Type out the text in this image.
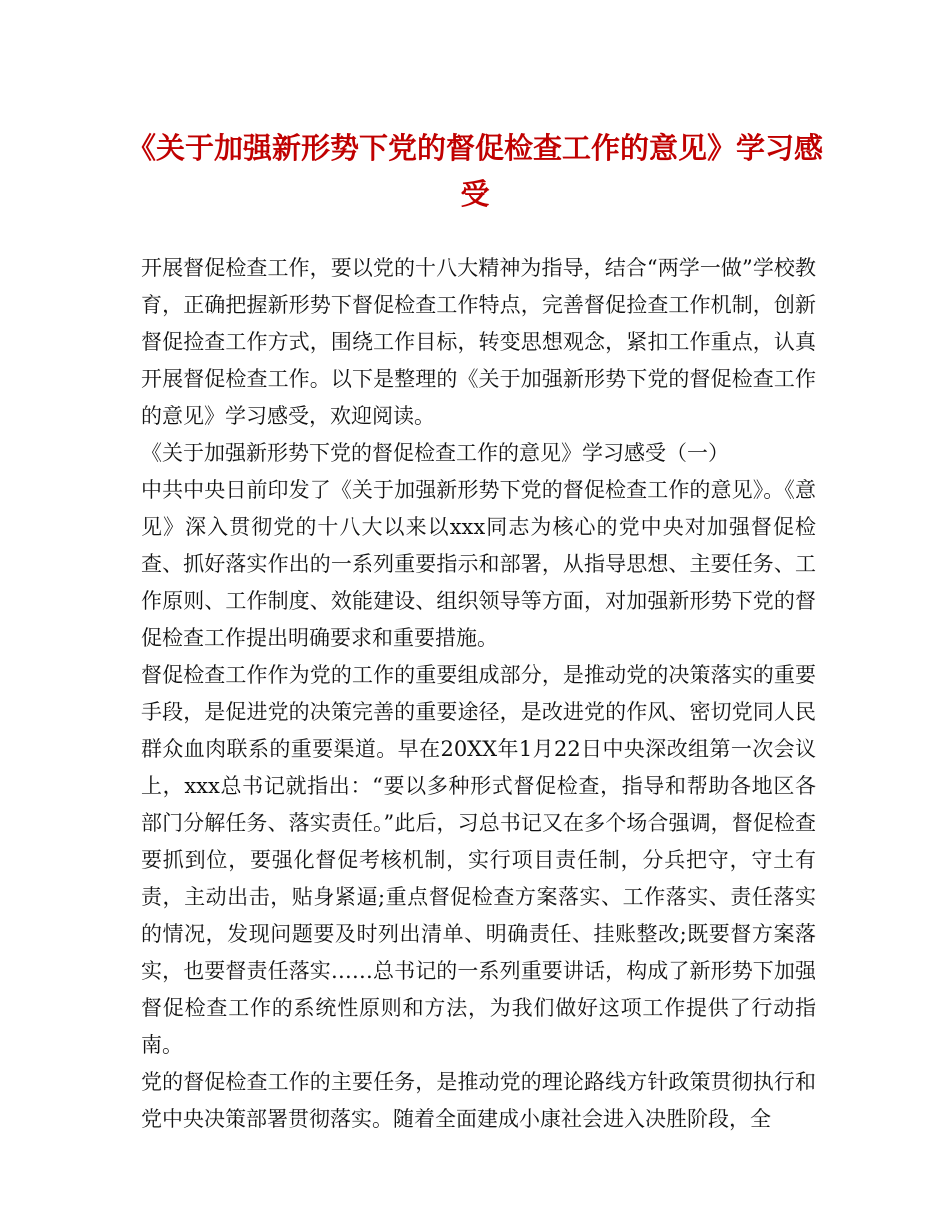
《关于加强新形势下党的督促检查工作的意见》学习感受

开展督促检查工作，要以党的十八大精神为指导，结合“两学一做”学校教育，正确把握新形势下督促检查工作特点，完善督促捡查工作机制，创新督促捡查工作方式，围绕工作目标，转变思想观念，紧扣工作重点，认真开展督促检查工作。以下是整理的《关于加强新形势下党的督促检查工作的意见》学习感受，欢迎阅读。

《关于加强新形势下党的督促检查工作的意见》学习感受（一）

中共中央日前印发了《关于加强新形势下党的督促检查工作的意见》。《意见》深入贯彻党的十八大以来以xxx同志为核心的党中央对加强督促检查、抓好落实作出的一系列重要指示和部署，从指导思想、主要任务、工作原则、工作制度、效能建设、组织领导等方面，对加强新形势下党的督促检查工作提出明确要求和重要措施。

督促检查工作作为党的工作的重要组成部分，是推动党的决策落实的重要手段，是促进党的决策完善的重要途径，是改进党的作风、密切党同人民群众血肉联系的重要渠道。早在20XX年1月22日中央深改组第一次会议上，xxx总书记就指出：“要以多种形式督促检查，指导和帮助各地区各部门分解任务、落实责任。”此后，习总书记又在多个场合强调，督促检查要抓到位，要强化督促考核机制，实行项目责任制，分兵把守，守土有责，主动出击，贴身紧逼;重点督促检查方案落实、工作落实、责任落实的情况，发现问题要及时列出清单、明确责任、挂账整改;既要督方案落实，也要督责任落实……总书记的一系列重要讲话，构成了新形势下加强督促检查工作的系统性原则和方法，为我们做好这项工作提供了行动指南。

党的督促检查工作的主要任务，是推动党的理论路线方针政策贯彻执行和党中央决策部署贯彻落实。随着全面建成小康社会进入决胜阶段，全
